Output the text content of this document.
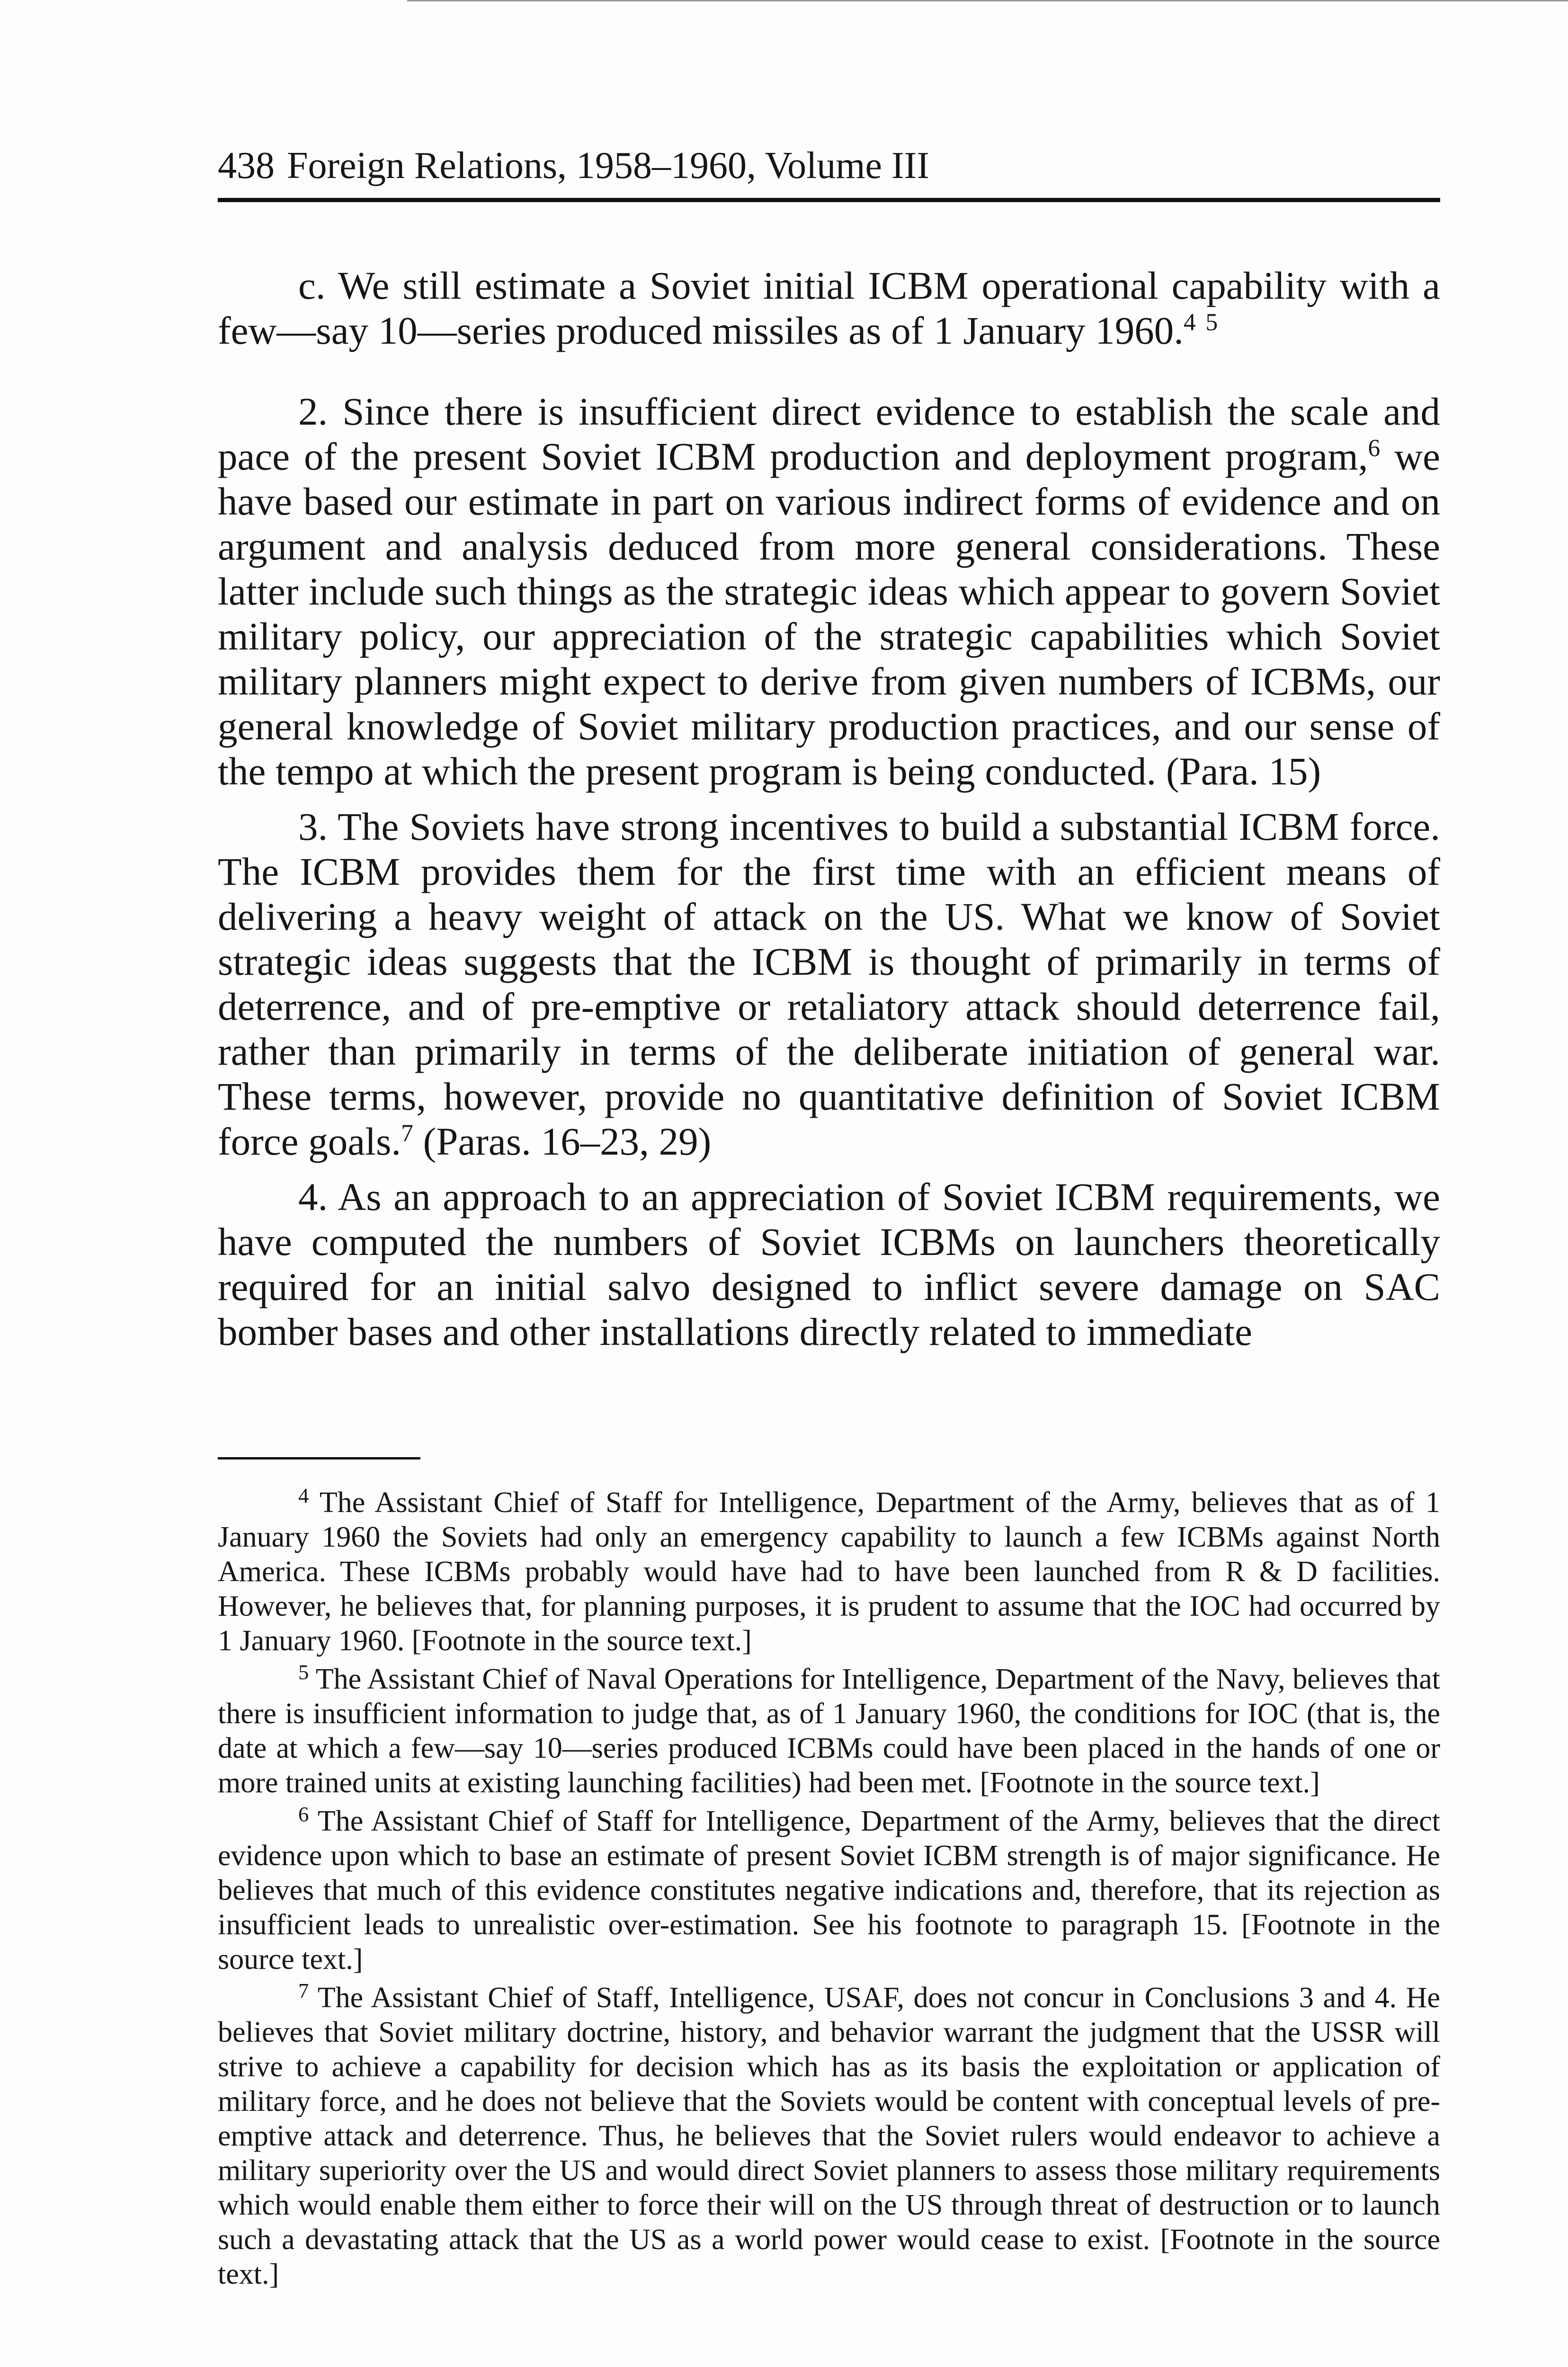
438 Foreign Relations, 1958–1960, Volume III

c. We still estimate a Soviet initial ICBM operational capability with a few—say 10—series produced missiles as of 1 January 1960.$^4$ $^5$

2. Since there is insufficient direct evidence to establish the scale and pace of the present Soviet ICBM production and deployment program,$^6$ we have based our estimate in part on various indirect forms of evidence and on argument and analysis deduced from more general considerations. These latter include such things as the strategic ideas which appear to govern Soviet military policy, our appreciation of the strategic capabilities which Soviet military planners might expect to derive from given numbers of ICBMs, our general knowledge of Soviet military production practices, and our sense of the tempo at which the present program is being conducted. (Para. 15)

3. The Soviets have strong incentives to build a substantial ICBM force. The ICBM provides them for the first time with an efficient means of delivering a heavy weight of attack on the US. What we know of Soviet strategic ideas suggests that the ICBM is thought of primarily in terms of deterrence, and of pre-emptive or retaliatory attack should deterrence fail, rather than primarily in terms of the deliberate initiation of general war. These terms, however, provide no quantitative definition of Soviet ICBM force goals.$^7$ (Paras. 16–23, 29)

4. As an approach to an appreciation of Soviet ICBM requirements, we have computed the numbers of Soviet ICBMs on launchers theoretically required for an initial salvo designed to inflict severe damage on SAC bomber bases and other installations directly related to immediate

$^4$ The Assistant Chief of Staff for Intelligence, Department of the Army, believes that as of 1 January 1960 the Soviets had only an emergency capability to launch a few ICBMs against North America. These ICBMs probably would have had to have been launched from R & D facilities. However, he believes that, for planning purposes, it is prudent to assume that the IOC had occurred by 1 January 1960. [Footnote in the source text.]

$^5$ The Assistant Chief of Naval Operations for Intelligence, Department of the Navy, believes that there is insufficient information to judge that, as of 1 January 1960, the conditions for IOC (that is, the date at which a few—say 10—series produced ICBMs could have been placed in the hands of one or more trained units at existing launching facilities) had been met. [Footnote in the source text.]

$^6$ The Assistant Chief of Staff for Intelligence, Department of the Army, believes that the direct evidence upon which to base an estimate of present Soviet ICBM strength is of major significance. He believes that much of this evidence constitutes negative indications and, therefore, that its rejection as insufficient leads to unrealistic over-estimation. See his footnote to paragraph 15. [Footnote in the source text.]

$^7$ The Assistant Chief of Staff, Intelligence, USAF, does not concur in Conclusions 3 and 4. He believes that Soviet military doctrine, history, and behavior warrant the judgment that the USSR will strive to achieve a capability for decision which has as its basis the exploitation or application of military force, and he does not believe that the Soviets would be content with conceptual levels of pre-emptive attack and deterrence. Thus, he believes that the Soviet rulers would endeavor to achieve a military superiority over the US and would direct Soviet planners to assess those military requirements which would enable them either to force their will on the US through threat of destruction or to launch such a devastating attack that the US as a world power would cease to exist. [Footnote in the source text.]
